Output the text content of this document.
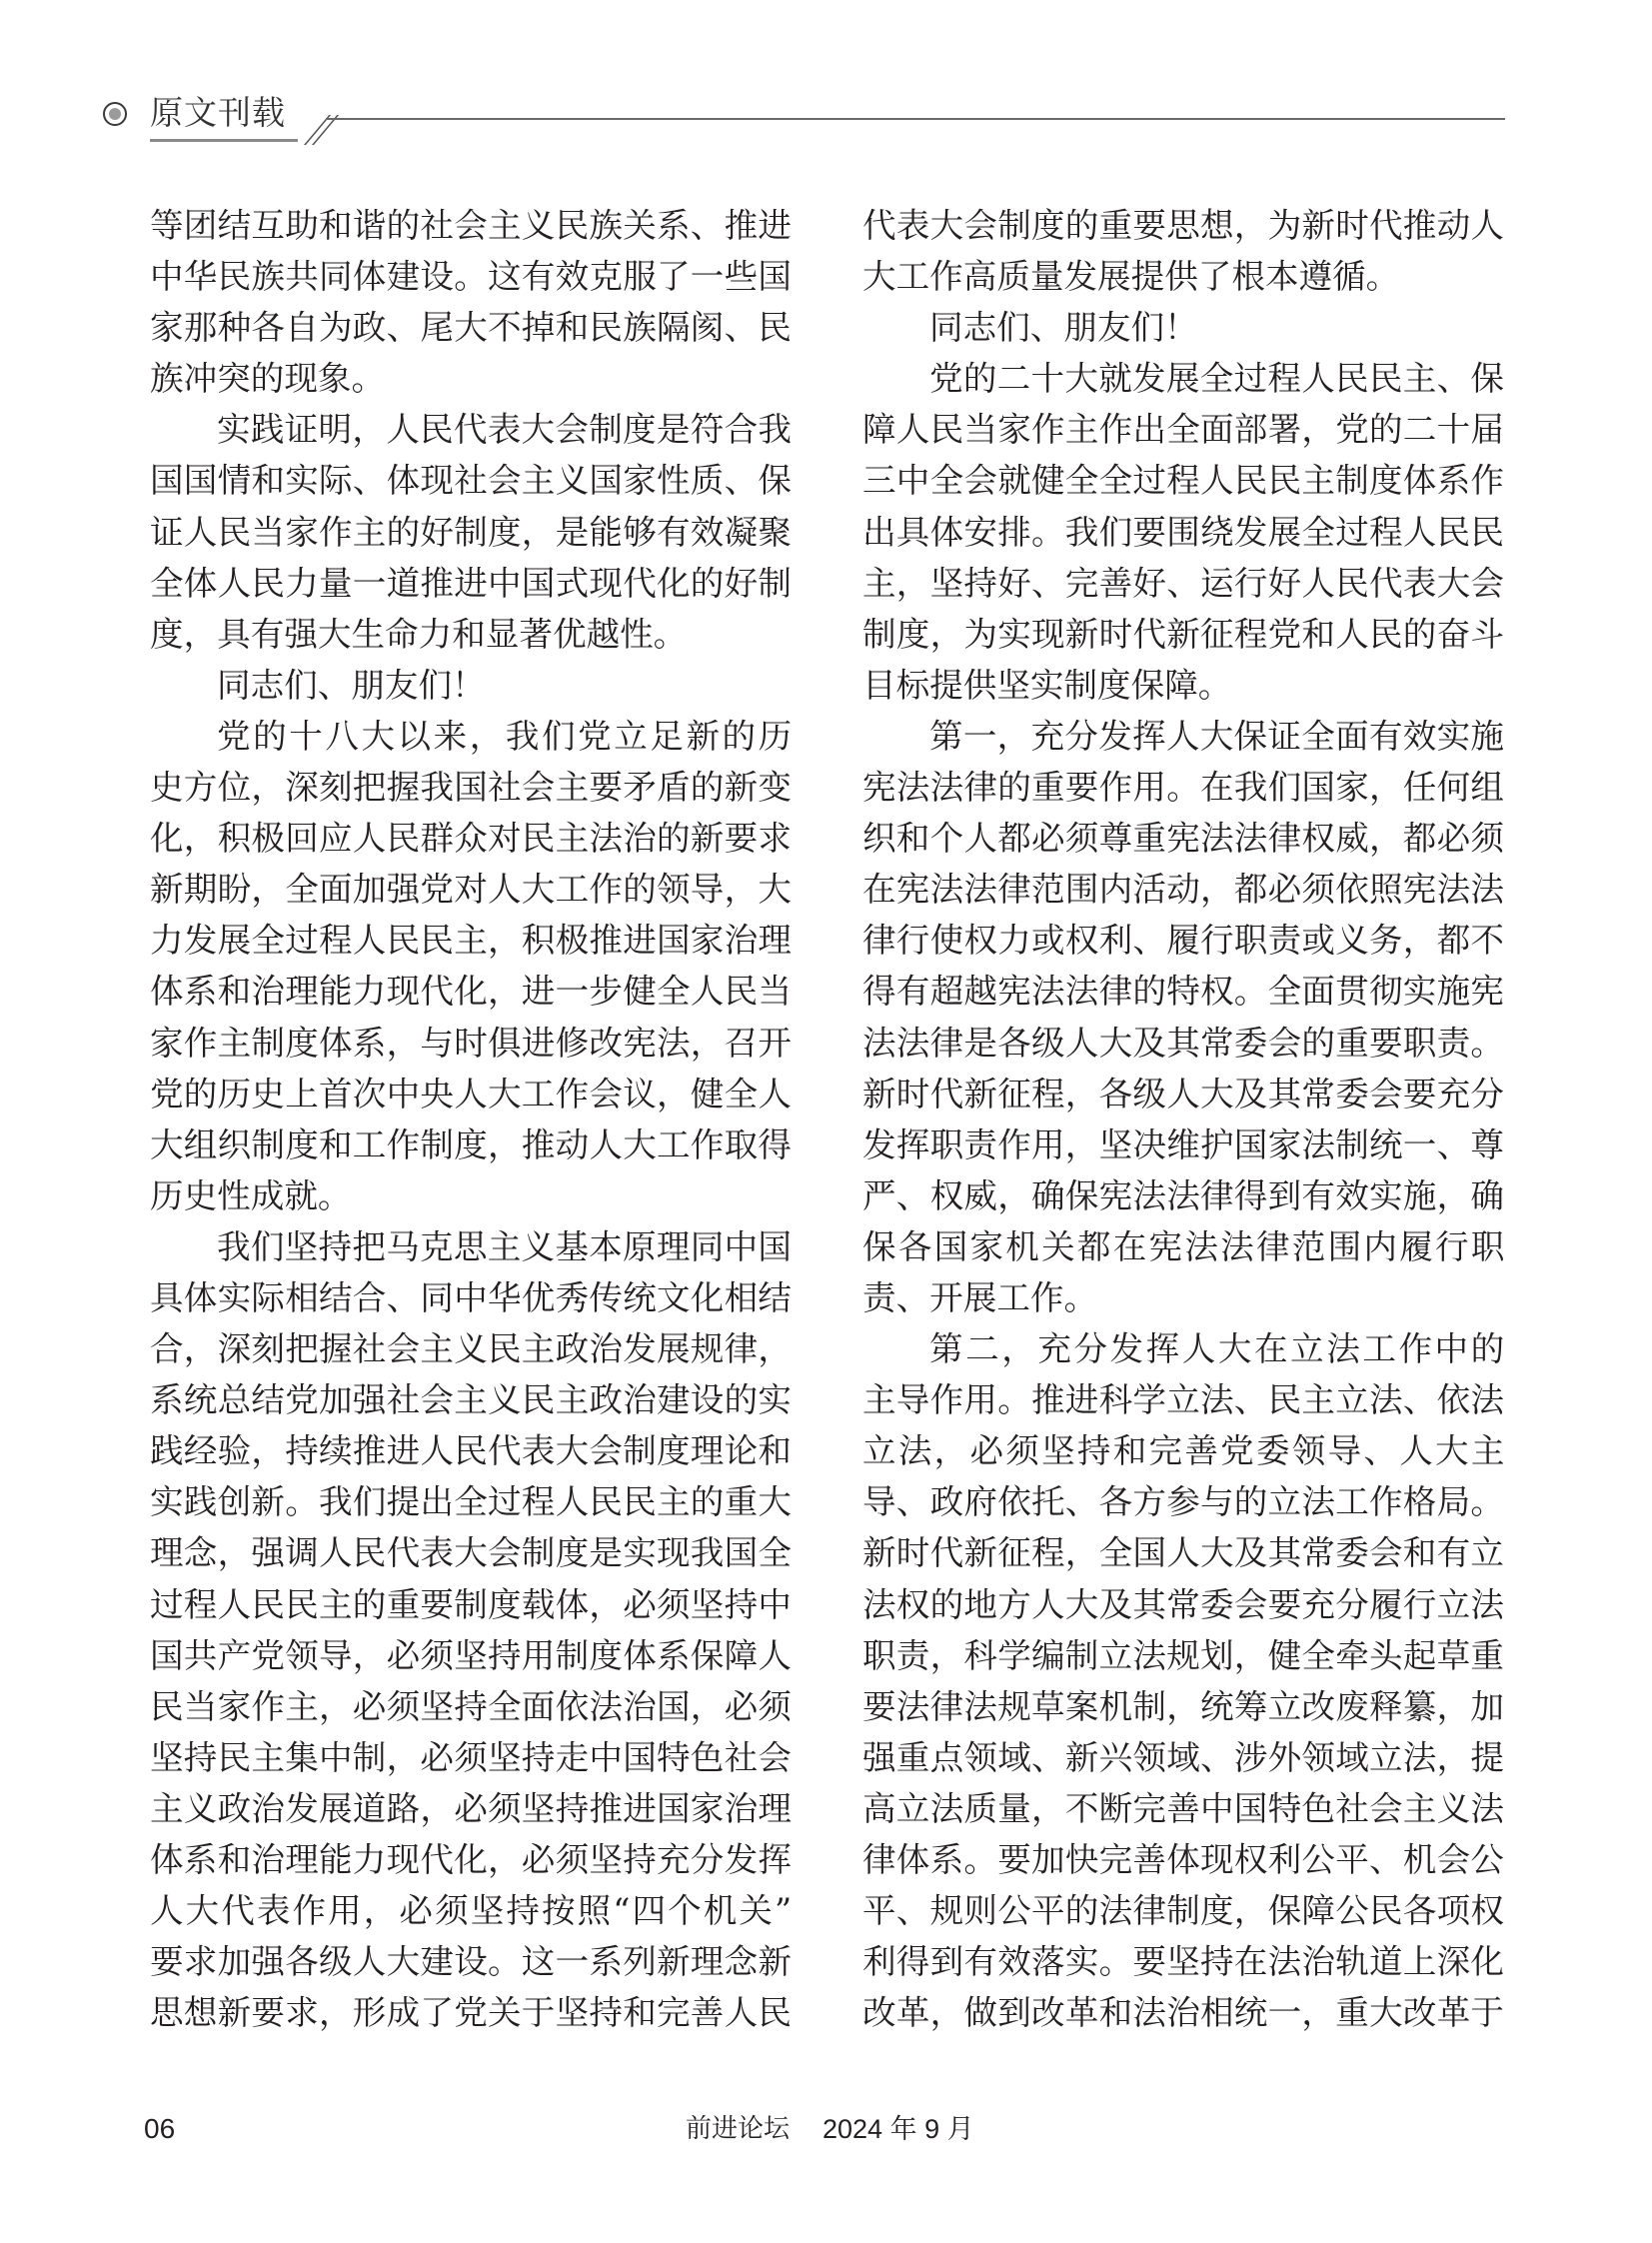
原文刊载
等团结互助和谐的社会主义民族关系、推进
中华民族共同体建设。这有效克服了一些国
家那种各自为政、尾大不掉和民族隔阂、民
族冲突的现象。
实践证明，人民代表大会制度是符合我
国国情和实际、体现社会主义国家性质、保
证人民当家作主的好制度，是能够有效凝聚
全体人民力量一道推进中国式现代化的好制
度，具有强大生命力和显著优越性。
同志们、朋友们！
党的十八大以来，我们党立足新的历
史方位，深刻把握我国社会主要矛盾的新变
化，积极回应人民群众对民主法治的新要求
新期盼，全面加强党对人大工作的领导，大
力发展全过程人民民主，积极推进国家治理
体系和治理能力现代化，进一步健全人民当
家作主制度体系，与时俱进修改宪法，召开
党的历史上首次中央人大工作会议，健全人
大组织制度和工作制度，推动人大工作取得
历史性成就。
我们坚持把马克思主义基本原理同中国
具体实际相结合、同中华优秀传统文化相结
合，深刻把握社会主义民主政治发展规律，
系统总结党加强社会主义民主政治建设的实
践经验，持续推进人民代表大会制度理论和
实践创新。我们提出全过程人民民主的重大
理念，强调人民代表大会制度是实现我国全
过程人民民主的重要制度载体，必须坚持中
国共产党领导，必须坚持用制度体系保障人
民当家作主，必须坚持全面依法治国，必须
坚持民主集中制，必须坚持走中国特色社会
主义政治发展道路，必须坚持推进国家治理
体系和治理能力现代化，必须坚持充分发挥
人大代表作用，必须坚持按照“四个机关”
要求加强各级人大建设。这一系列新理念新
思想新要求，形成了党关于坚持和完善人民
代表大会制度的重要思想，为新时代推动人
大工作高质量发展提供了根本遵循。
同志们、朋友们！
党的二十大就发展全过程人民民主、保
障人民当家作主作出全面部署，党的二十届
三中全会就健全全过程人民民主制度体系作
出具体安排。我们要围绕发展全过程人民民
主，坚持好、完善好、运行好人民代表大会
制度，为实现新时代新征程党和人民的奋斗
目标提供坚实制度保障。
第一，充分发挥人大保证全面有效实施
宪法法律的重要作用。在我们国家，任何组
织和个人都必须尊重宪法法律权威，都必须
在宪法法律范围内活动，都必须依照宪法法
律行使权力或权利、履行职责或义务，都不
得有超越宪法法律的特权。全面贯彻实施宪
法法律是各级人大及其常委会的重要职责。
新时代新征程，各级人大及其常委会要充分
发挥职责作用，坚决维护国家法制统一、尊
严、权威，确保宪法法律得到有效实施，确
保各国家机关都在宪法法律范围内履行职
责、开展工作。
第二，充分发挥人大在立法工作中的
主导作用。推进科学立法、民主立法、依法
立法，必须坚持和完善党委领导、人大主
导、政府依托、各方参与的立法工作格局。
新时代新征程，全国人大及其常委会和有立
法权的地方人大及其常委会要充分履行立法
职责，科学编制立法规划，健全牵头起草重
要法律法规草案机制，统筹立改废释纂，加
强重点领域、新兴领域、涉外领域立法，提
高立法质量，不断完善中国特色社会主义法
律体系。要加快完善体现权利公平、机会公
平、规则公平的法律制度，保障公民各项权
利得到有效落实。要坚持在法治轨道上深化
改革，做到改革和法治相统一，重大改革于
06	前进论坛 2024 年 9 月
